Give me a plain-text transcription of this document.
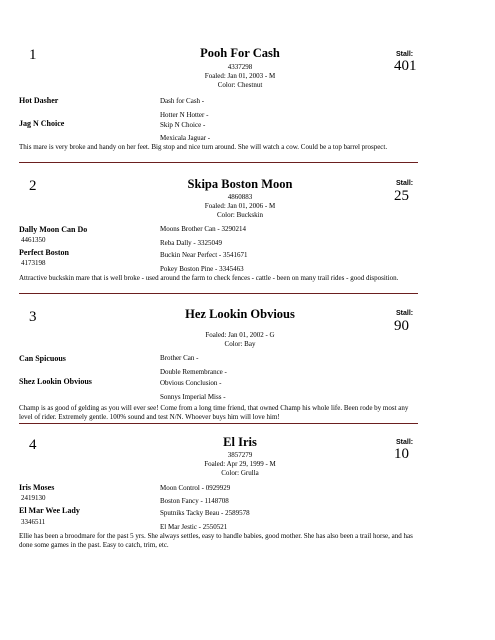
1	Pooh For Cash
4337298
Foaled: Jan 01, 2003 - M
Color: Chestnut
Stall:
401
Hot Dasher
Jag N Choice
Dash for Cash -
Hotter N Hotter -
Skip N Choice -
Mexicala Jaguar -
This mare is very broke and handy on her feet. Big stop and nice turn around. She will watch a cow. Could be a top barrel prospect.
2	Skipa Boston Moon
4860883
Foaled: Jan 01, 2006 - M
Color: Buckskin
Stall:
25
Dally Moon Can Do
4461350
Perfect Boston
4173198
Moons Brother Can - 3290214
Reba Dally - 3325049
Buckin Near Perfect - 3541671
Pokey Boston Pine - 3345463
Attractive buckskin mare that is well broke - used around the farm to check fences - cattle - been on many trail rides - good disposition.
3	Hez Lookin Obvious
Foaled: Jan 01, 2002 - G
Color: Bay
Stall:
90
Can Spicuous
Shez Lookin Obvious
Brother Can -
Double Remembrance -
Obvious Conclusion -
Sonnys Imperial Miss -
Champ is as good of gelding as you will ever see! Come from a long time friend, that owned Champ his whole life. Been rode by most any level of rider. Extremely gentle. 100% sound and test N/N. Whoever buys him will love him!
4	El Iris
3857279
Foaled: Apr 29, 1999 - M
Color: Grulla
Stall:
10
Iris Moses
2419130
El Mar Wee Lady
3346511
Moon Control - 0929929
Boston Fancy - 1148708
Sputniks Tacky Beau - 2589578
El Mar Jestic - 2550521
Ellie has been a broodmare for the past 5 yrs. She always settles, easy to handle babies, good mother. She has also been a trail horse, and has done some games in the past. Easy to catch, trim, etc.
